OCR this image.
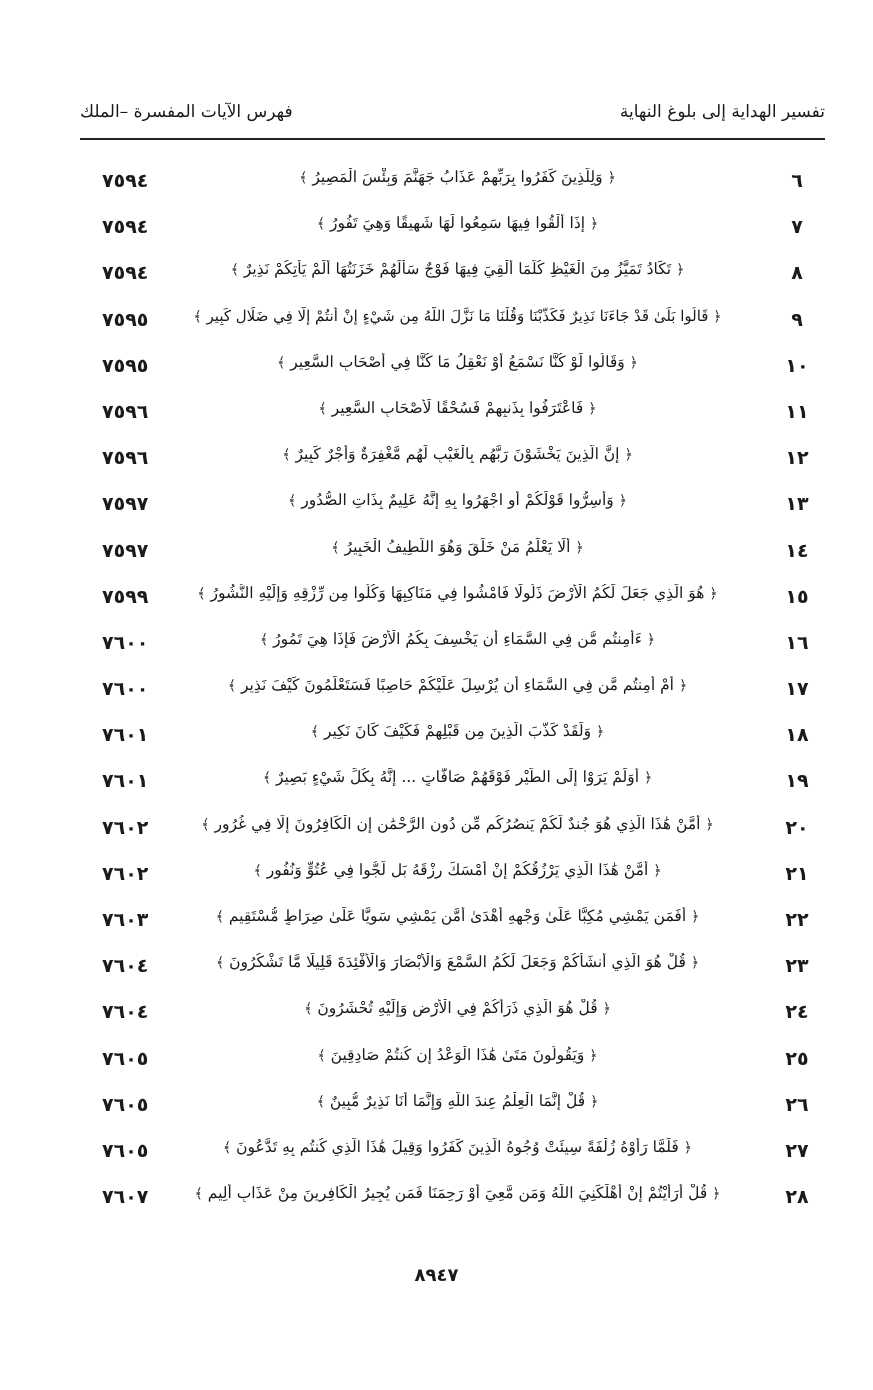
تفسير الهداية إلى بلوغ النهاية
فهرس الآيات المفسرة –الملك
٦
﴿ وَلِلَّذِينَ كَفَرُوا بِرَبِّهِمْ عَذَابُ جَهَنَّمَ وَبِئْسَ الْمَصِيرُ ﴾
٧٥٩٤
٧
﴿ إِذَا أُلْقُوا فِيهَا سَمِعُوا لَهَا شَهِيقًا وَهِيَ تَفُورُ ﴾
٧٥٩٤
٨
﴿ تَكَادُ تَمَيَّزُ مِنَ الْغَيْظِ كُلَّمَا أُلْقِيَ فِيهَا فَوْجٌ سَأَلَهُمْ خَزَنَتُهَا أَلَمْ يَأْتِكُمْ نَذِيرٌ ﴾
٧٥٩٤
٩
﴿ قَالُوا بَلَىٰ قَدْ جَاءَنَا نَذِيرٌ فَكَذَّبْنَا وَقُلْنَا مَا نَزَّلَ اللَّهُ مِن شَيْءٍ إِنْ أَنتُمْ إِلَّا فِي ضَلَالٍ كَبِيرٍ ﴾
٧٥٩٥
١٠
﴿ وَقَالُوا لَوْ كُنَّا نَسْمَعُ أَوْ نَعْقِلُ مَا كُنَّا فِي أَصْحَابِ السَّعِيرِ ﴾
٧٥٩٥
١١
﴿ فَاعْتَرَفُوا بِذَنبِهِمْ فَسُحْقًا لِّأَصْحَابِ السَّعِيرِ ﴾
٧٥٩٦
١٢
﴿ إِنَّ الَّذِينَ يَخْشَوْنَ رَبَّهُم بِالْغَيْبِ لَهُم مَّغْفِرَةٌ وَأَجْرٌ كَبِيرٌ ﴾
٧٥٩٦
١٣
﴿ وَأَسِرُّوا قَوْلَكُمْ أَوِ اجْهَرُوا بِهِ إِنَّهُ عَلِيمٌ بِذَاتِ الصُّدُورِ ﴾
٧٥٩٧
١٤
﴿ أَلَا يَعْلَمُ مَنْ خَلَقَ وَهُوَ اللَّطِيفُ الْخَبِيرُ ﴾
٧٥٩٧
١٥
﴿ هُوَ الَّذِي جَعَلَ لَكُمُ الْأَرْضَ ذَلُولًا فَامْشُوا فِي مَنَاكِبِهَا وَكُلُوا مِن رِّزْقِهِ وَإِلَيْهِ النُّشُورُ ﴾
٧٥٩٩
١٦
﴿ ءَأَمِنتُم مَّن فِي السَّمَاءِ أَن يَخْسِفَ بِكُمُ الْأَرْضَ فَإِذَا هِيَ تَمُورُ ﴾
٧٦٠٠
١٧
﴿ أَمْ أَمِنتُم مَّن فِي السَّمَاءِ أَن يُرْسِلَ عَلَيْكُمْ حَاصِبًا فَسَتَعْلَمُونَ كَيْفَ نَذِيرِ ﴾
٧٦٠٠
١٨
﴿ وَلَقَدْ كَذَّبَ الَّذِينَ مِن قَبْلِهِمْ فَكَيْفَ كَانَ نَكِيرِ ﴾
٧٦٠١
١٩
﴿ أَوَلَمْ يَرَوْا إِلَى الطَّيْرِ فَوْقَهُمْ صَافَّاتٍ ... إِنَّهُ بِكُلِّ شَيْءٍ بَصِيرٌ ﴾
٧٦٠١
٢٠
﴿ أَمَّنْ هَٰذَا الَّذِي هُوَ جُندٌ لَّكُمْ يَنصُرُكُم مِّن دُونِ الرَّحْمَٰنِ إِنِ الْكَافِرُونَ إِلَّا فِي غُرُورٍ ﴾
٧٦٠٢
٢١
﴿ أَمَّنْ هَٰذَا الَّذِي يَرْزُقُكُمْ إِنْ أَمْسَكَ رِزْقَهُ بَل لَّجُّوا فِي عُتُوٍّ وَنُفُورٍ ﴾
٧٦٠٢
٢٢
﴿ أَفَمَن يَمْشِي مُكِبًّا عَلَىٰ وَجْهِهِ أَهْدَىٰ أَمَّن يَمْشِي سَوِيًّا عَلَىٰ صِرَاطٍ مُّسْتَقِيمٍ ﴾
٧٦٠٣
٢٣
﴿ قُلْ هُوَ الَّذِي أَنشَأَكُمْ وَجَعَلَ لَكُمُ السَّمْعَ وَالْأَبْصَارَ وَالْأَفْئِدَةَ قَلِيلًا مَّا تَشْكُرُونَ ﴾
٧٦٠٤
٢٤
﴿ قُلْ هُوَ الَّذِي ذَرَأَكُمْ فِي الْأَرْضِ وَإِلَيْهِ تُحْشَرُونَ ﴾
٧٦٠٤
٢٥
﴿ وَيَقُولُونَ مَتَىٰ هَٰذَا الْوَعْدُ إِن كُنتُمْ صَادِقِينَ ﴾
٧٦٠٥
٢٦
﴿ قُلْ إِنَّمَا الْعِلْمُ عِندَ اللَّهِ وَإِنَّمَا أَنَا نَذِيرٌ مُّبِينٌ ﴾
٧٦٠٥
٢٧
﴿ فَلَمَّا رَأَوْهُ زُلْفَةً سِيئَتْ وُجُوهُ الَّذِينَ كَفَرُوا وَقِيلَ هَٰذَا الَّذِي كُنتُم بِهِ تَدَّعُونَ ﴾
٧٦٠٥
٢٨
﴿ قُلْ أَرَأَيْتُمْ إِنْ أَهْلَكَنِيَ اللَّهُ وَمَن مَّعِيَ أَوْ رَحِمَنَا فَمَن يُجِيرُ الْكَافِرِينَ مِنْ عَذَابٍ أَلِيمٍ ﴾
٧٦٠٧
٨٩٤٧
